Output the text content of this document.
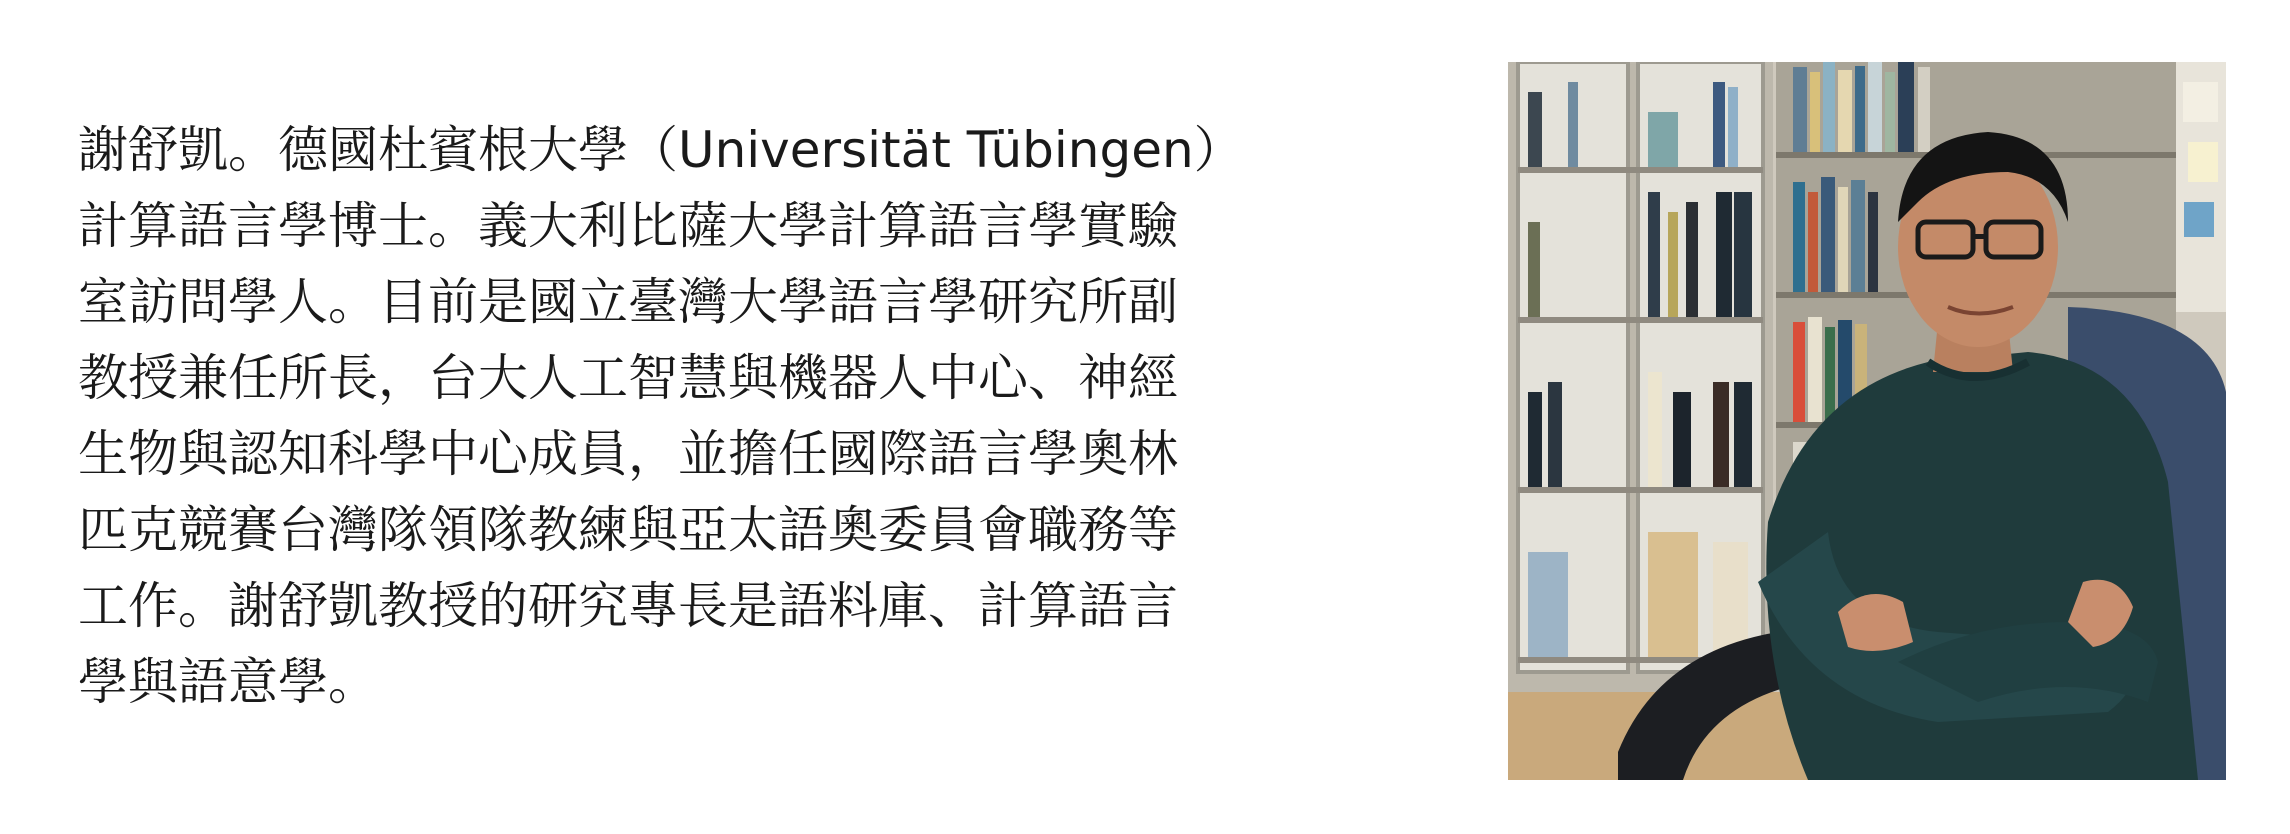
謝舒凱。德國杜賓根大學（Universität Tübingen）
計算語言學博士。義大利比薩大學計算語言學實驗
室訪問學人。目前是國立臺灣大學語言學研究所副
教授兼任所長，台大人工智慧與機器人中心、神經
生物與認知科學中心成員，並擔任國際語言學奧林
匹克競賽台灣隊領隊教練與亞太語奧委員會職務等
工作。謝舒凱教授的研究專長是語料庫、計算語言
學與語意學。
